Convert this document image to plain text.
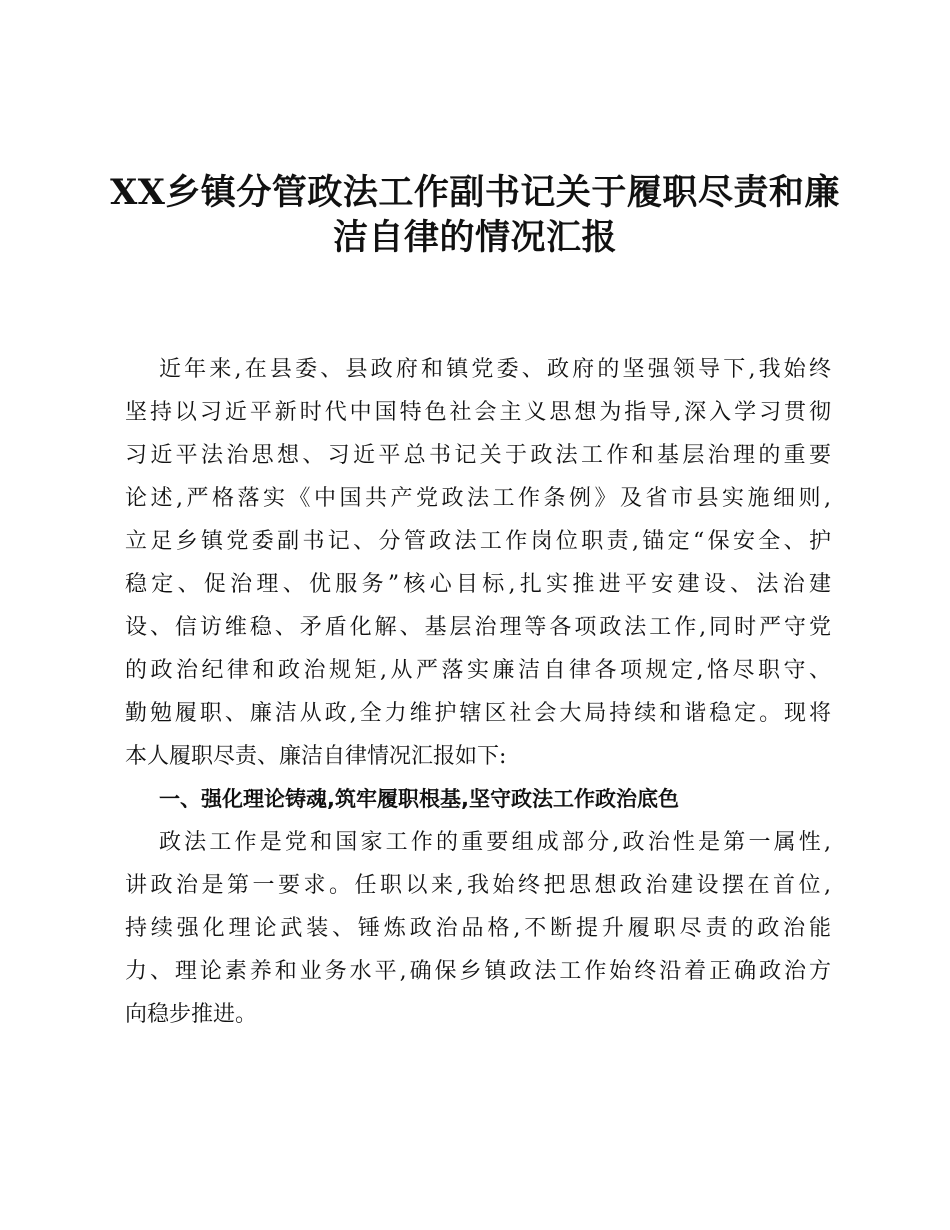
XX乡镇分管政法工作副书记关于履职尽责和廉
洁自律的情况汇报
近年来,在县委、县政府和镇党委、政府的坚强领导下,我始终
坚持以习近平新时代中国特色社会主义思想为指导,深入学习贯彻
习近平法治思想、习近平总书记关于政法工作和基层治理的重要
论述,严格落实《中国共产党政法工作条例》及省市县实施细则,
立足乡镇党委副书记、分管政法工作岗位职责,锚定“保安全、护
稳定、促治理、优服务”核心目标,扎实推进平安建设、法治建
设、信访维稳、矛盾化解、基层治理等各项政法工作,同时严守党
的政治纪律和政治规矩,从严落实廉洁自律各项规定,恪尽职守、
勤勉履职、廉洁从政,全力维护辖区社会大局持续和谐稳定。现将
本人履职尽责、廉洁自律情况汇报如下:
一、强化理论铸魂,筑牢履职根基,坚守政法工作政治底色
政法工作是党和国家工作的重要组成部分,政治性是第一属性,
讲政治是第一要求。任职以来,我始终把思想政治建设摆在首位,
持续强化理论武装、锤炼政治品格,不断提升履职尽责的政治能
力、理论素养和业务水平,确保乡镇政法工作始终沿着正确政治方
向稳步推进。
